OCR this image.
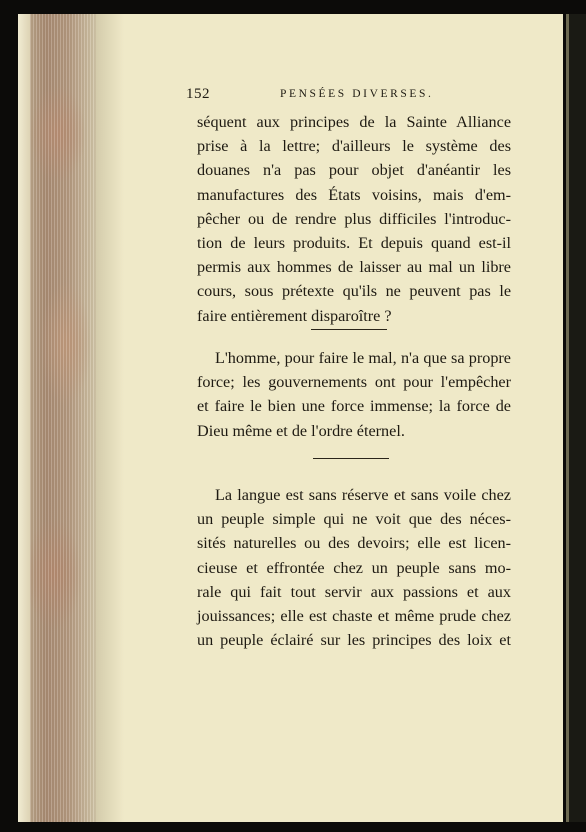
152	PENSÉES DIVERSES.
séquent aux principes de la Sainte Alliance
prise à la lettre; d'ailleurs le système des
douanes n'a pas pour objet d'anéantir les
manufactures des États voisins, mais d'em-
pêcher ou de rendre plus difficiles l'introduc-
tion de leurs produits. Et depuis quand est-il
permis aux hommes de laisser au mal un libre
cours, sous prétexte qu'ils ne peuvent pas le
faire entièrement disparoître ?
L'homme, pour faire le mal, n'a que sa propre
force; les gouvernements ont pour l'empêcher
et faire le bien une force immense; la force de
Dieu même et de l'ordre éternel.
La langue est sans réserve et sans voile chez
un peuple simple qui ne voit que des néces-
sités naturelles ou des devoirs; elle est licen-
cieuse et effrontée chez un peuple sans mo-
rale qui fait tout servir aux passions et aux
jouissances; elle est chaste et même prude chez
un peuple éclairé sur les principes des loix et
